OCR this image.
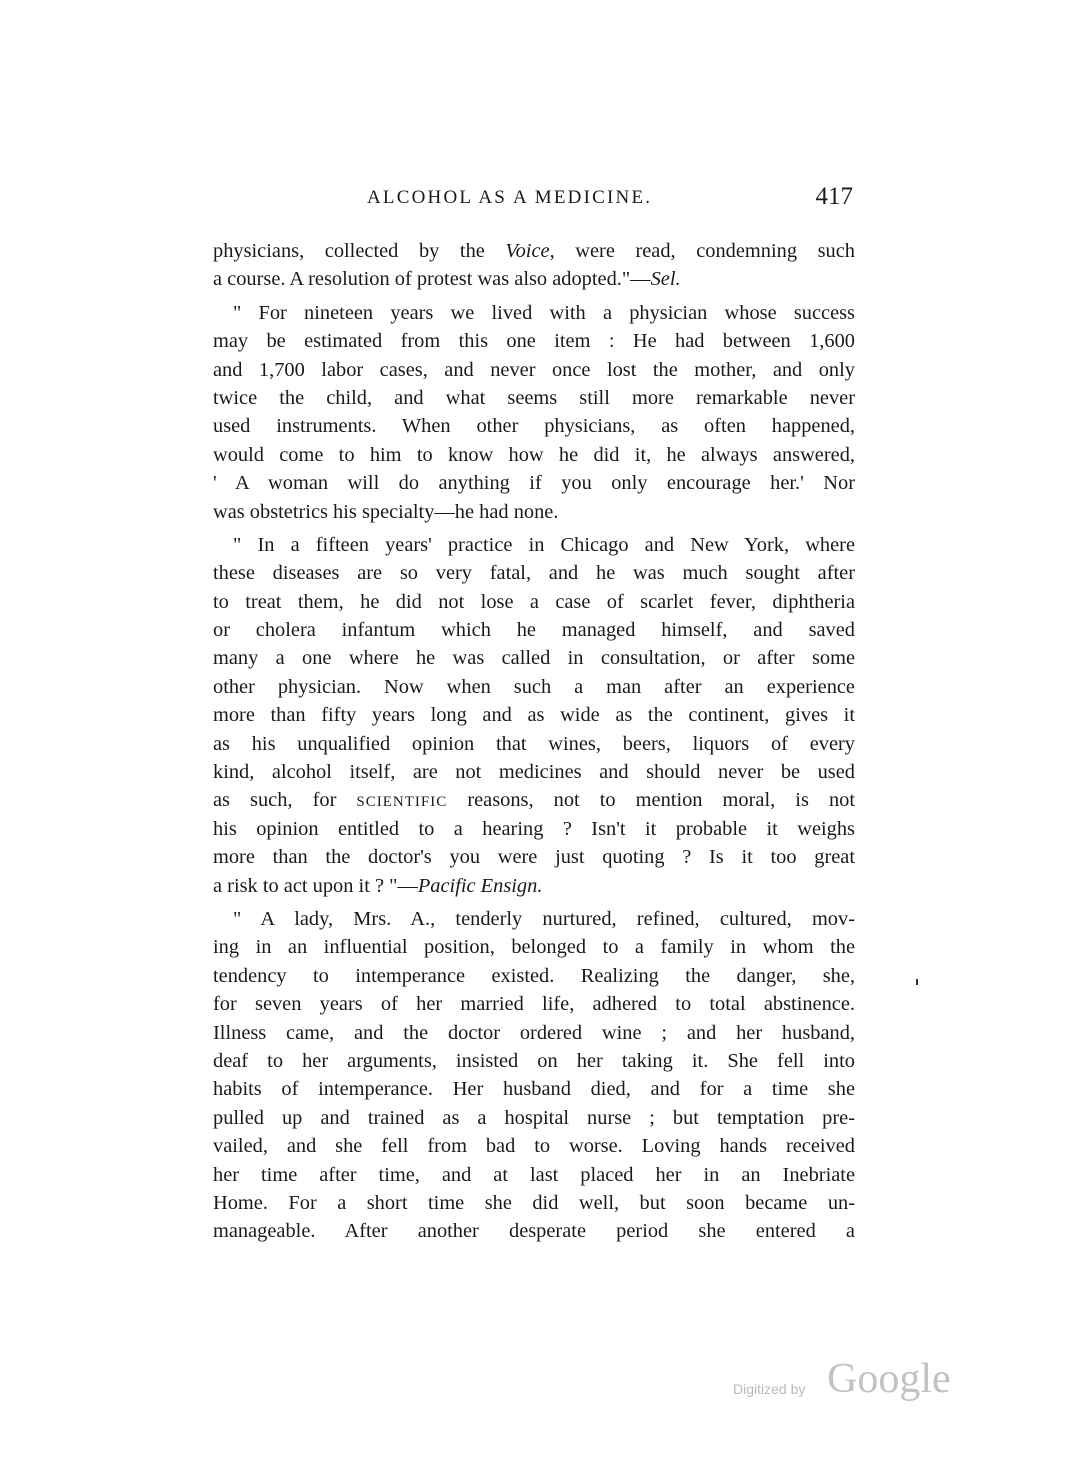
ALCOHOL AS A MEDICINE.	417
physicians, collected by the Voice, were read, condemning such
a course. A resolution of protest was also adopted."—Sel.
" For nineteen years we lived with a physician whose success
may be estimated from this one item : He had between 1,600
and 1,700 labor cases, and never once lost the mother, and only
twice the child, and what seems still more remarkable never
used instruments. When other physicians, as often happened,
would come to him to know how he did it, he always answered,
' A woman will do anything if you only encourage her.' Nor
was obstetrics his specialty—he had none.
" In a fifteen years' practice in Chicago and New York, where
these diseases are so very fatal, and he was much sought after
to treat them, he did not lose a case of scarlet fever, diphtheria
or cholera infantum which he managed himself, and saved
many a one where he was called in consultation, or after some
other physician. Now when such a man after an experience
more than fifty years long and as wide as the continent, gives it
as his unqualified opinion that wines, beers, liquors of every
kind, alcohol itself, are not medicines and should never be used
as such, for SCIENTIFIC reasons, not to mention moral, is not
his opinion entitled to a hearing ? Isn't it probable it weighs
more than the doctor's you were just quoting ? Is it too great
a risk to act upon it ? "—Pacific Ensign.
" A lady, Mrs. A., tenderly nurtured, refined, cultured, mov-
ing in an influential position, belonged to a family in whom the
tendency to intemperance existed. Realizing the danger, she,
for seven years of her married life, adhered to total abstinence.
Illness came, and the doctor ordered wine ; and her husband,
deaf to her arguments, insisted on her taking it. She fell into
habits of intemperance. Her husband died, and for a time she
pulled up and trained as a hospital nurse ; but temptation pre-
vailed, and she fell from bad to worse. Loving hands received
her time after time, and at last placed her in an Inebriate
Home. For a short time she did well, but soon became un-
manageable. After another desperate period she entered a
Digitized by Google
